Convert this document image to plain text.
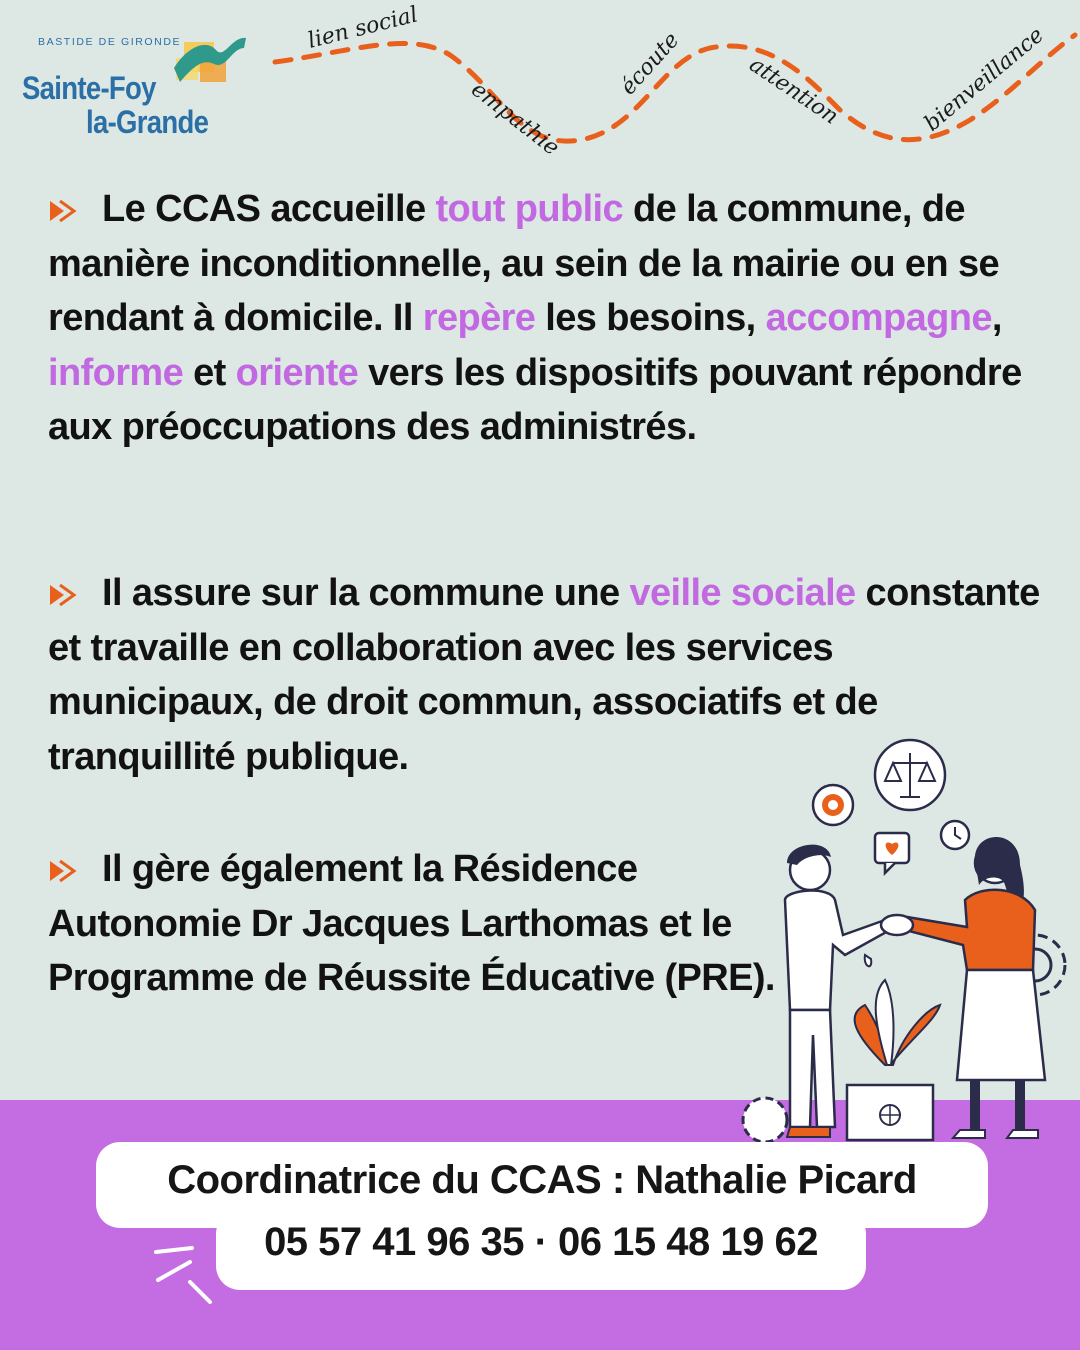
BASTIDE DE GIRONDE
Sainte-Foy
la-Grande
lien social
empathie
écoute	attention	bienveillance

Le CCAS accueille tout public de la commune, de manière inconditionnelle, au sein de la mairie ou en se rendant à domicile. Il repère les besoins, accompagne, informe et oriente vers les dispositifs pouvant répondre aux préoccupations des administrés.

Il assure sur la commune une veille sociale constante et travaille en collaboration avec les services municipaux, de droit commun, associatifs et de tranquillité publique.

Il gère également la Résidence Autonomie Dr Jacques Larthomas et le Programme de Réussite Éducative (PRE).

Coordinatrice du CCAS : Nathalie Picard
05 57 41 96 35 · 06 15 48 19 62
